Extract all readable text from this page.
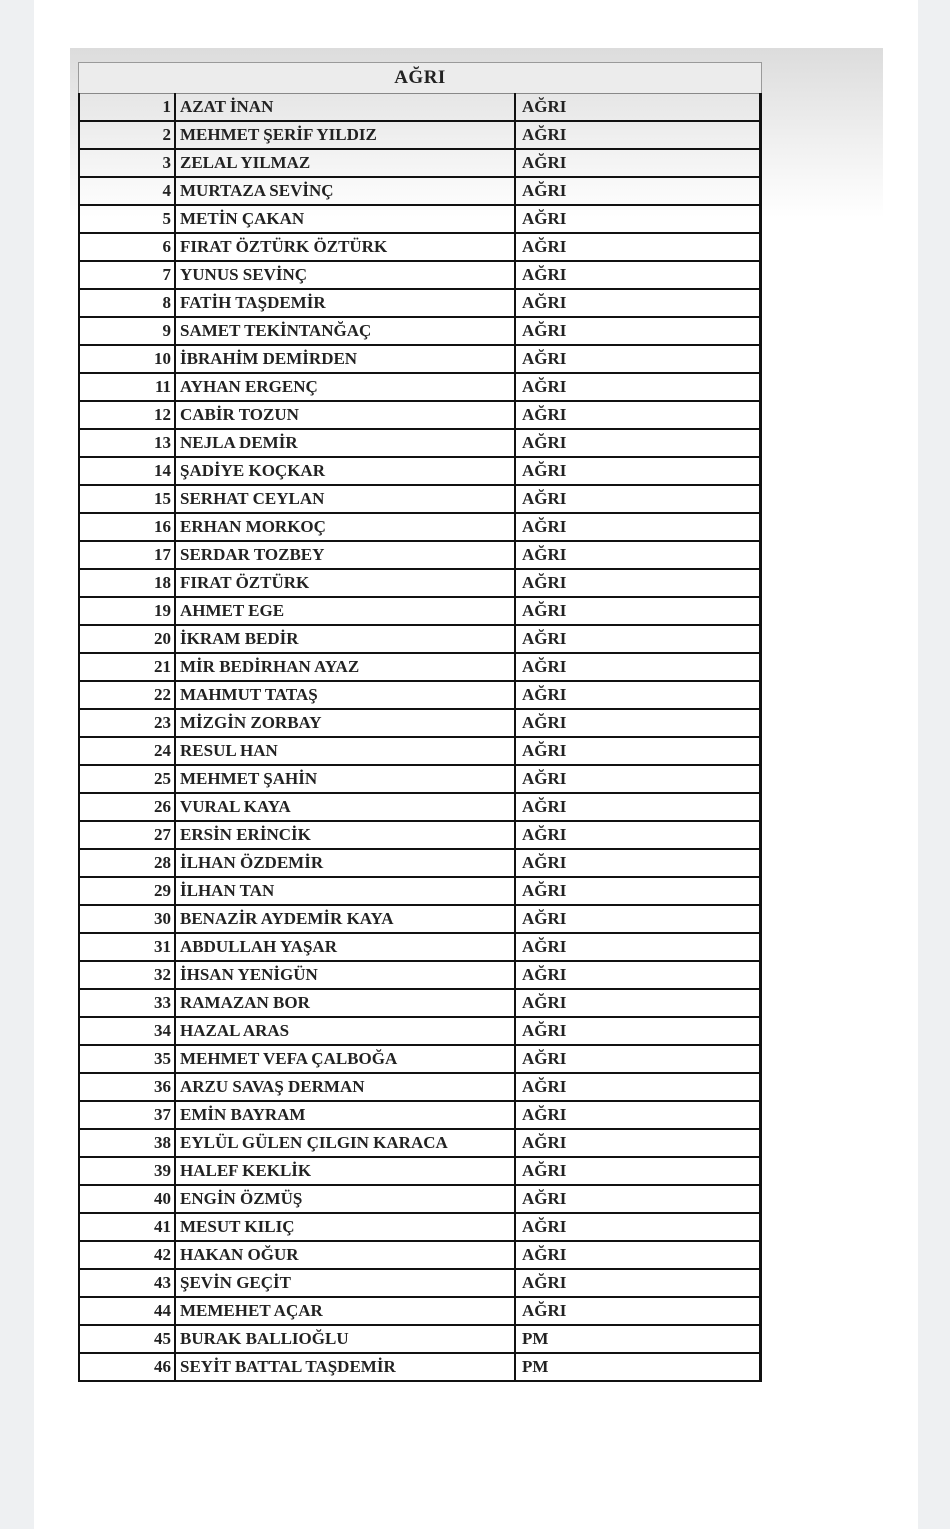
AĞRI
1	AZAT İNAN	AĞRI
2	MEHMET ŞERİF YILDIZ	AĞRI
3	ZELAL YILMAZ	AĞRI
4	MURTAZA SEVİNÇ	AĞRI
5	METİN ÇAKAN	AĞRI
6	FIRAT ÖZTÜRK ÖZTÜRK	AĞRI
7	YUNUS SEVİNÇ	AĞRI
8	FATİH TAŞDEMİR	AĞRI
9	SAMET TEKİNTANĞAÇ	AĞRI
10	İBRAHİM DEMİRDEN	AĞRI
11	AYHAN ERGENÇ	AĞRI
12	CABİR TOZUN	AĞRI
13	NEJLA DEMİR	AĞRI
14	ŞADİYE KOÇKAR	AĞRI
15	SERHAT CEYLAN	AĞRI
16	ERHAN MORKOÇ	AĞRI
17	SERDAR TOZBEY	AĞRI
18	FIRAT ÖZTÜRK	AĞRI
19	AHMET EGE	AĞRI
20	İKRAM BEDİR	AĞRI
21	MİR BEDİRHAN AYAZ	AĞRI
22	MAHMUT TATAŞ	AĞRI
23	MİZGİN ZORBAY	AĞRI
24	RESUL HAN	AĞRI
25	MEHMET ŞAHİN	AĞRI
26	VURAL KAYA	AĞRI
27	ERSİN ERİNCİK	AĞRI
28	İLHAN ÖZDEMİR	AĞRI
29	İLHAN TAN	AĞRI
30	BENAZİR AYDEMİR KAYA	AĞRI
31	ABDULLAH YAŞAR	AĞRI
32	İHSAN YENİGÜN	AĞRI
33	RAMAZAN BOR	AĞRI
34	HAZAL ARAS	AĞRI
35	MEHMET VEFA ÇALBOĞA	AĞRI
36	ARZU SAVAŞ DERMAN	AĞRI
37	EMİN BAYRAM	AĞRI
38	EYLÜL GÜLEN ÇILGIN KARACA	AĞRI
39	HALEF KEKLİK	AĞRI
40	ENGİN ÖZMÜŞ	AĞRI
41	MESUT KILIÇ	AĞRI
42	HAKAN OĞUR	AĞRI
43	ŞEVİN GEÇİT	AĞRI
44	MEMEHET AÇAR	AĞRI
45	BURAK BALLIOĞLU	PM
46	SEYİT BATTAL TAŞDEMİR	PM
